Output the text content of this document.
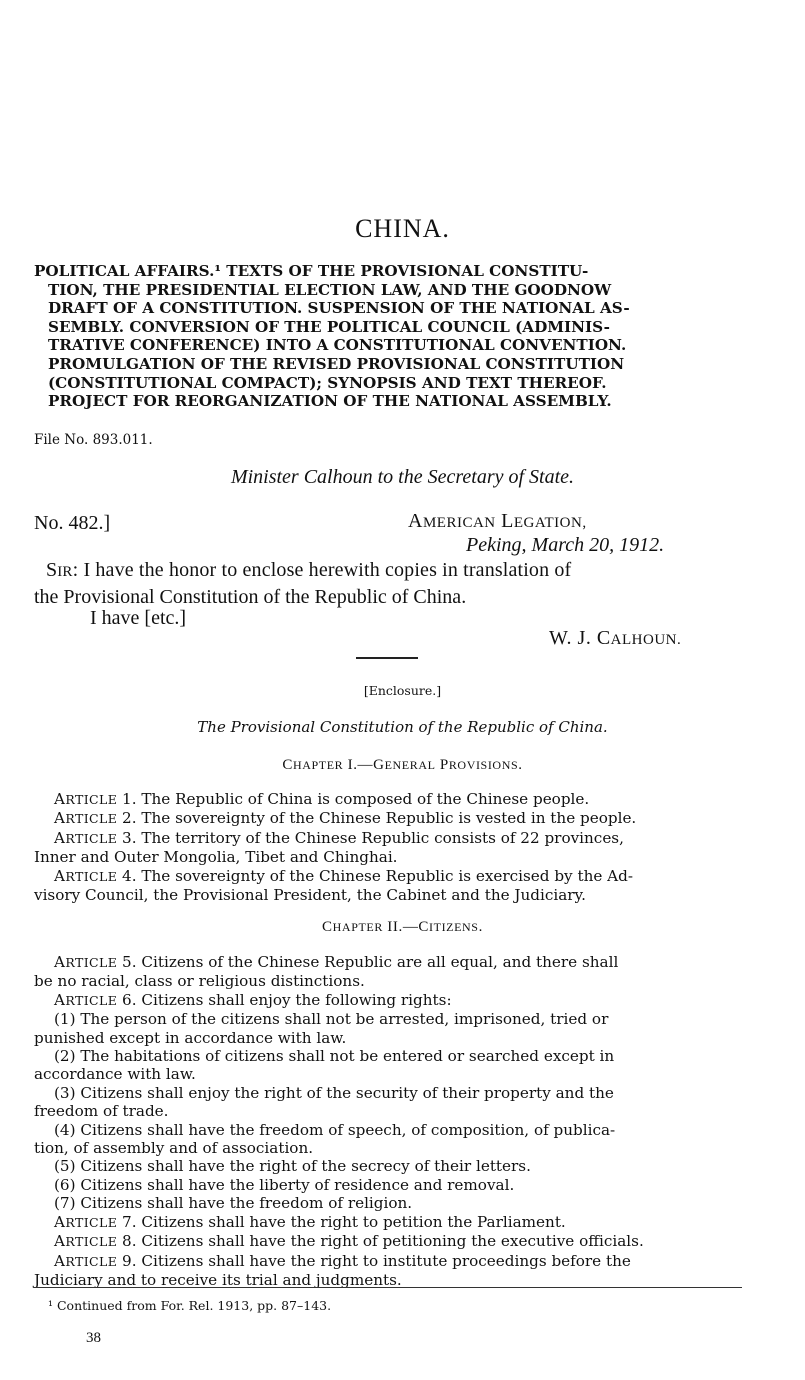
CHINA.
POLITICAL AFFAIRS.¹ TEXTS OF THE PROVISIONAL CONSTITU-
TION, THE PRESIDENTIAL ELECTION LAW, AND THE GOODNOW
DRAFT OF A CONSTITUTION. SUSPENSION OF THE NATIONAL AS-
SEMBLY. CONVERSION OF THE POLITICAL COUNCIL (ADMINIS-
TRATIVE CONFERENCE) INTO A CONSTITUTIONAL CONVENTION.
PROMULGATION OF THE REVISED PROVISIONAL CONSTITUTION
(CONSTITUTIONAL COMPACT); SYNOPSIS AND TEXT THEREOF.
PROJECT FOR REORGANIZATION OF THE NATIONAL ASSEMBLY.
File No. 893.011.
Minister Calhoun to the Secretary of State.
No. 482.]	AMERICAN LEGATION,
Peking, March 20, 1912.
SIR: I have the honor to enclose herewith copies in translation of
the Provisional Constitution of the Republic of China.
I have [etc.]
W. J. CALHOUN.
[Enclosure.]
The Provisional Constitution of the Republic of China.
CHAPTER I.—GENERAL PROVISIONS.
ARTICLE 1. The Republic of China is composed of the Chinese people.
ARTICLE 2. The sovereignty of the Chinese Republic is vested in the people.
ARTICLE 3. The territory of the Chinese Republic consists of 22 provinces,
Inner and Outer Mongolia, Tibet and Chinghai.
ARTICLE 4. The sovereignty of the Chinese Republic is exercised by the Ad-
visory Council, the Provisional President, the Cabinet and the Judiciary.
CHAPTER II.—CITIZENS.
ARTICLE 5. Citizens of the Chinese Republic are all equal, and there shall
be no racial, class or religious distinctions.
ARTICLE 6. Citizens shall enjoy the following rights:
(1) The person of the citizens shall not be arrested, imprisoned, tried or
punished except in accordance with law.
(2) The habitations of citizens shall not be entered or searched except in
accordance with law.
(3) Citizens shall enjoy the right of the security of their property and the
freedom of trade.
(4) Citizens shall have the freedom of speech, of composition, of publica-
tion, of assembly and of association.
(5) Citizens shall have the right of the secrecy of their letters.
(6) Citizens shall have the liberty of residence and removal.
(7) Citizens shall have the freedom of religion.
ARTICLE 7. Citizens shall have the right to petition the Parliament.
ARTICLE 8. Citizens shall have the right of petitioning the executive officials.
ARTICLE 9. Citizens shall have the right to institute proceedings before the
Judiciary and to receive its trial and judgments.
¹ Continued from For. Rel. 1913, pp. 87–143.
38
